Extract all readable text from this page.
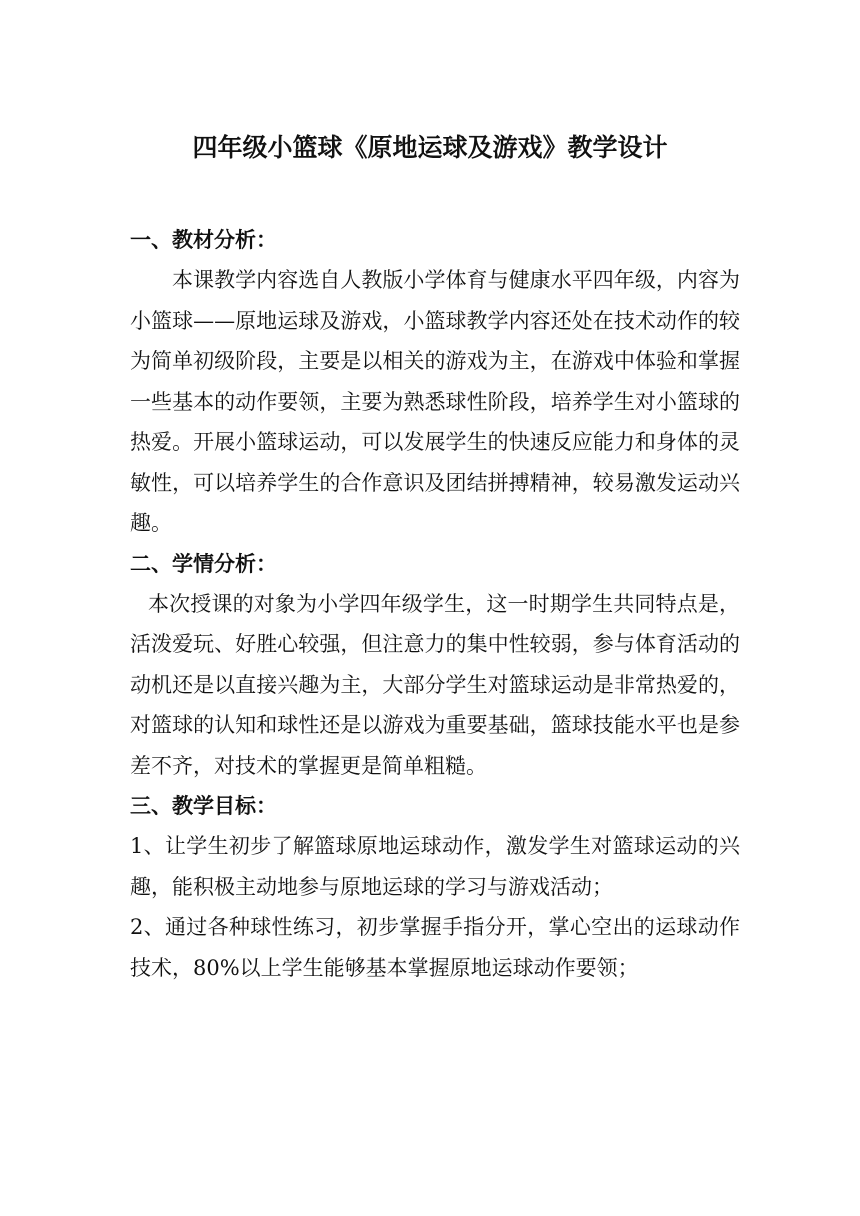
四年级小篮球《原地运球及游戏》教学设计

一、教材分析：

本课教学内容选自人教版小学体育与健康水平四年级，内容为小篮球——原地运球及游戏，小篮球教学内容还处在技术动作的较为简单初级阶段，主要是以相关的游戏为主，在游戏中体验和掌握一些基本的动作要领，主要为熟悉球性阶段，培养学生对小篮球的热爱。开展小篮球运动，可以发展学生的快速反应能力和身体的灵敏性，可以培养学生的合作意识及团结拼搏精神，较易激发运动兴趣。

二、学情分析：

本次授课的对象为小学四年级学生，这一时期学生共同特点是，活泼爱玩、好胜心较强，但注意力的集中性较弱，参与体育活动的动机还是以直接兴趣为主，大部分学生对篮球运动是非常热爱的，对篮球的认知和球性还是以游戏为重要基础，篮球技能水平也是参差不齐，对技术的掌握更是简单粗糙。

三、教学目标：

1、让学生初步了解篮球原地运球动作，激发学生对篮球运动的兴趣，能积极主动地参与原地运球的学习与游戏活动；

2、通过各种球性练习，初步掌握手指分开，掌心空出的运球动作技术，80%以上学生能够基本掌握原地运球动作要领；
